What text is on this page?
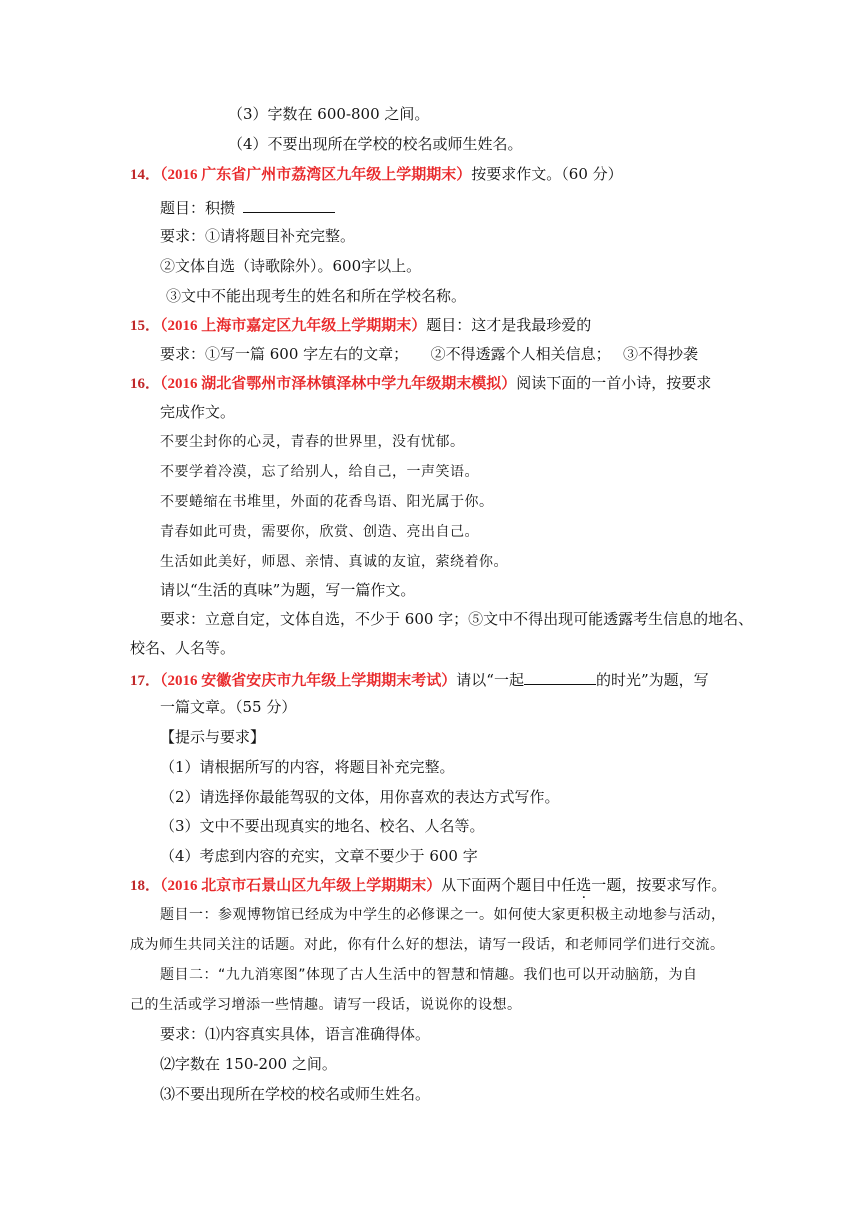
（3）字数在 600-800 之间。
（4）不要出现所在学校的校名或师生姓名。
14．（2016 广东省广州市荔湾区九年级上学期期末）按要求作文。（60 分）
题目：积攒
要求：①请将题目补充完整。
②文体自选（诗歌除外）。600字以上。
③文中不能出现考生的姓名和所在学校名称。
15．（2016 上海市嘉定区九年级上学期期末）题目：这才是我最珍爱的
要求：①写一篇 600 字左右的文章；　　②不得透露个人相关信息；　 ③不得抄袭
16．（2016 湖北省鄂州市泽林镇泽林中学九年级期末模拟）阅读下面的一首小诗，按要求
完成作文。
不要尘封你的心灵，青春的世界里，没有忧郁。
不要学着冷漠，忘了给别人，给自己，一声笑语。
不要蜷缩在书堆里，外面的花香鸟语、阳光属于你。
青春如此可贵，需要你，欣赏、创造、亮出自己。
生活如此美好，师恩、亲情、真诚的友谊，萦绕着你。
请以“生活的真味”为题，写一篇作文。
要求：立意自定，文体自选，不少于 600 字；⑤文中不得出现可能透露考生信息的地名、
校名、人名等。
17．（2016 安徽省安庆市九年级上学期期末考试）请以“一起	的时光”为题，写
一篇文章。（55 分）
【提示与要求】
（1）请根据所写的内容，将题目补充完整。
（2）请选择你最能驾驭的文体，用你喜欢的表达方式写作。
（3）文中不要出现真实的地名、校名、人名等。
（4）考虑到内容的充实，文章不要少于 600 字
18．（2016 北京市石景山区九年级上学期期末）从下面两个题目中任选一题，按要求写作。
题目一：参观博物馆已经成为中学生的必修课之一。如何使大家更积极主动地参与活动，
成为师生共同关注的话题。对此，你有什么好的想法，请写一段话，和老师同学们进行交流。
题目二：“九九消寒图”体现了古人生活中的智慧和情趣。我们也可以开动脑筋，为自
己的生活或学习增添一些情趣。请写一段话，说说你的设想。
要求：⑴内容真实具体，语言准确得体。
⑵字数在 150-200 之间。
⑶不要出现所在学校的校名或师生姓名。
